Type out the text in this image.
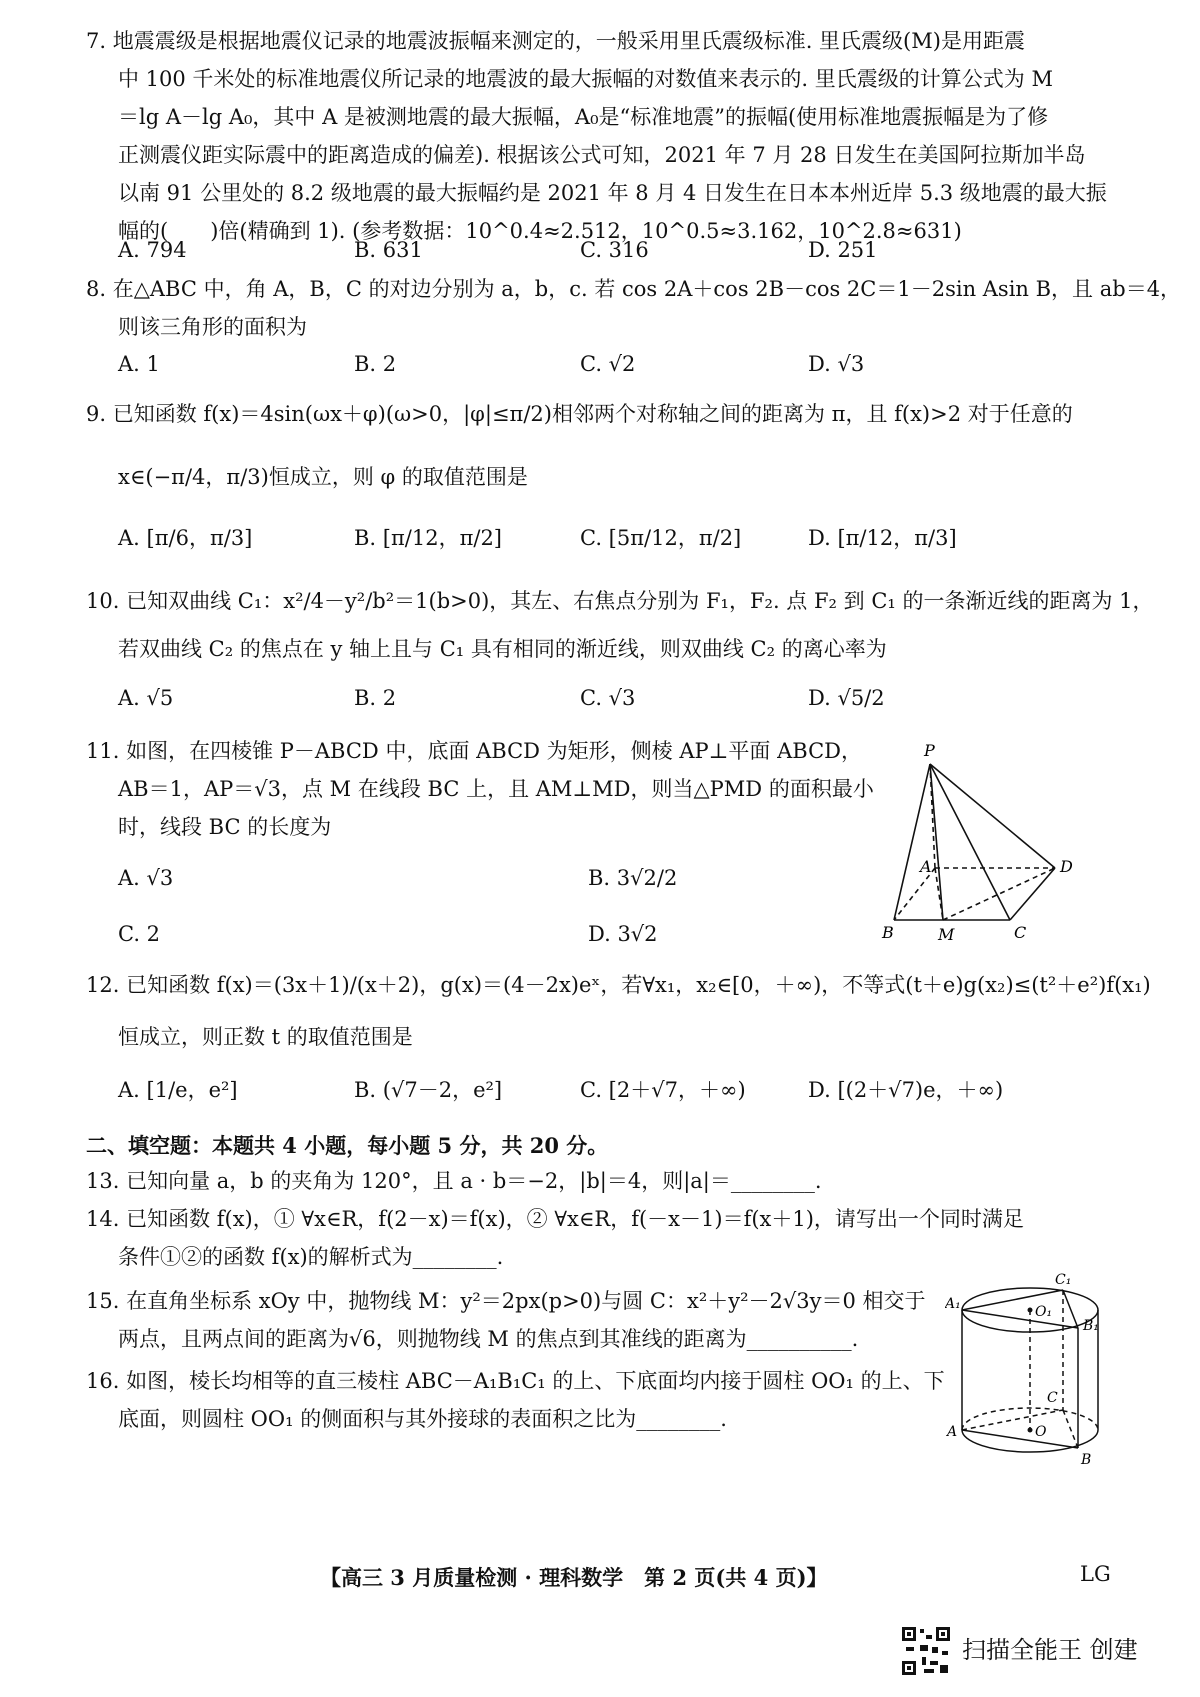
7. 地震震级是根据地震仪记录的地震波振幅来测定的，一般采用里氏震级标准. 里氏震级(M)是用距震
中 100 千米处的标准地震仪所记录的地震波的最大振幅的对数值来表示的. 里氏震级的计算公式为 M
＝lg A－lg A₀，其中 A 是被测地震的最大振幅，A₀是“标准地震”的振幅(使用标准地震振幅是为了修
正测震仪距实际震中的距离造成的偏差). 根据该公式可知，2021 年 7 月 28 日发生在美国阿拉斯加半岛
以南 91 公里处的 8.2 级地震的最大振幅约是 2021 年 8 月 4 日发生在日本本州近岸 5.3 级地震的最大振
幅的(　　)倍(精确到 1). (参考数据：10^0.4≈2.512，10^0.5≈3.162，10^2.8≈631)
A. 794	B. 631	C. 316	D. 251
8. 在△ABC 中，角 A，B，C 的对边分别为 a，b，c. 若 cos 2A＋cos 2B－cos 2C＝1－2sin Asin B，且 ab＝4，
则该三角形的面积为
A. 1	B. 2	C. √2	D. √3
9. 已知函数 f(x)＝4sin(ωx＋φ)(ω>0，|φ|≤π/2)相邻两个对称轴之间的距离为 π，且 f(x)>2 对于任意的
x∈(−π/4，π/3)恒成立，则 φ 的取值范围是
A. [π/6，π/3]	B. [π/12，π/2]	C. [5π/12，π/2]	D. [π/12，π/3]
10. 已知双曲线 C₁：x²/4－y²/b²＝1(b>0)，其左、右焦点分别为 F₁，F₂. 点 F₂ 到 C₁ 的一条渐近线的距离为 1，
若双曲线 C₂ 的焦点在 y 轴上且与 C₁ 具有相同的渐近线，则双曲线 C₂ 的离心率为
A. √5	B. 2	C. √3	D. √5/2
11. 如图，在四棱锥 P－ABCD 中，底面 ABCD 为矩形，侧棱 AP⊥平面 ABCD，
AB＝1，AP＝√3，点 M 在线段 BC 上，且 AM⊥MD，则当△PMD 的面积最小
时，线段 BC 的长度为
A. √3	B. 3√2/2
C. 2	D. 3√2
P
A
B	M	C
D
12. 已知函数 f(x)＝(3x＋1)/(x＋2)，g(x)＝(4－2x)eˣ，若∀x₁，x₂∈[0，＋∞)，不等式(t＋e)g(x₂)≤(t²＋e²)f(x₁)
恒成立，则正数 t 的取值范围是
A. [1/e，e²]	B. (√7－2，e²]	C. [2＋√7，＋∞)	D. [(2＋√7)e，＋∞)
二、填空题：本题共 4 小题，每小题 5 分，共 20 分。
13. 已知向量 a，b 的夹角为 120°，且 a · b＝−2，|b|＝4，则|a|＝________.
14. 已知函数 f(x)，① ∀x∈R，f(2－x)＝f(x)，② ∀x∈R，f(－x－1)＝f(x＋1)，请写出一个同时满足
条件①②的函数 f(x)的解析式为________.
15. 在直角坐标系 xOy 中，抛物线 M：y²＝2px(p>0)与圆 C：x²＋y²－2√3y＝0 相交于
两点，且两点间的距离为√6，则抛物线 M 的焦点到其准线的距离为__________.
16. 如图，棱长均相等的直三棱柱 ABC－A₁B₁C₁ 的上、下底面均内接于圆柱 OO₁ 的上、下
底面，则圆柱 OO₁ 的侧面积与其外接球的表面积之比为________.
C₁
A₁	O₁
B₁
C
A	O
B
【高三 3 月质量检测 · 理科数学　第 2 页(共 4 页)】	LG
扫描全能王 创建
